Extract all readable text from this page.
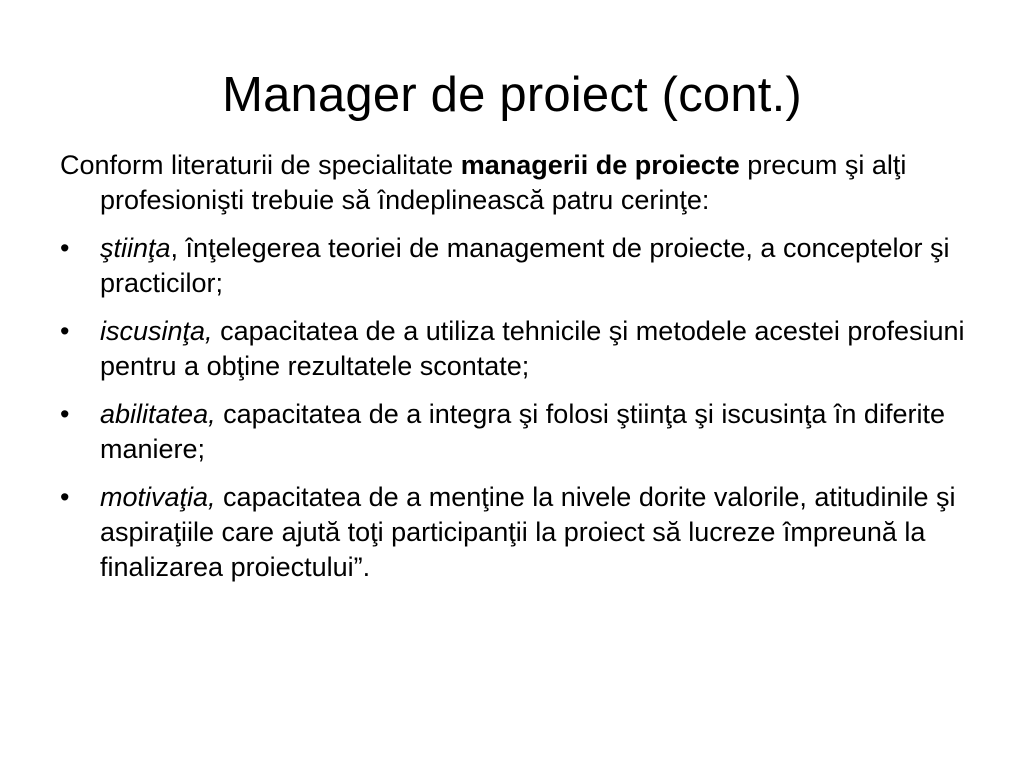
Manager de proiect (cont.)

Conform literaturii de specialitate managerii de proiecte precum şi alţi profesionişti trebuie să îndeplinească patru cerinţe:

•	ştiinţa, înţelegerea teoriei de management de proiecte, a conceptelor şi practicilor;
•	iscusinţa, capacitatea de a utiliza tehnicile şi metodele acestei profesiuni pentru a obţine rezultatele scontate;
•	abilitatea, capacitatea de a integra şi folosi ştiinţa şi iscusinţa în diferite maniere;
•	motivaţia, capacitatea de a menţine la nivele dorite valorile, atitudinile şi aspiraţiile care ajută toţi participanţii la proiect să lucreze împreună la finalizarea proiectului”.
